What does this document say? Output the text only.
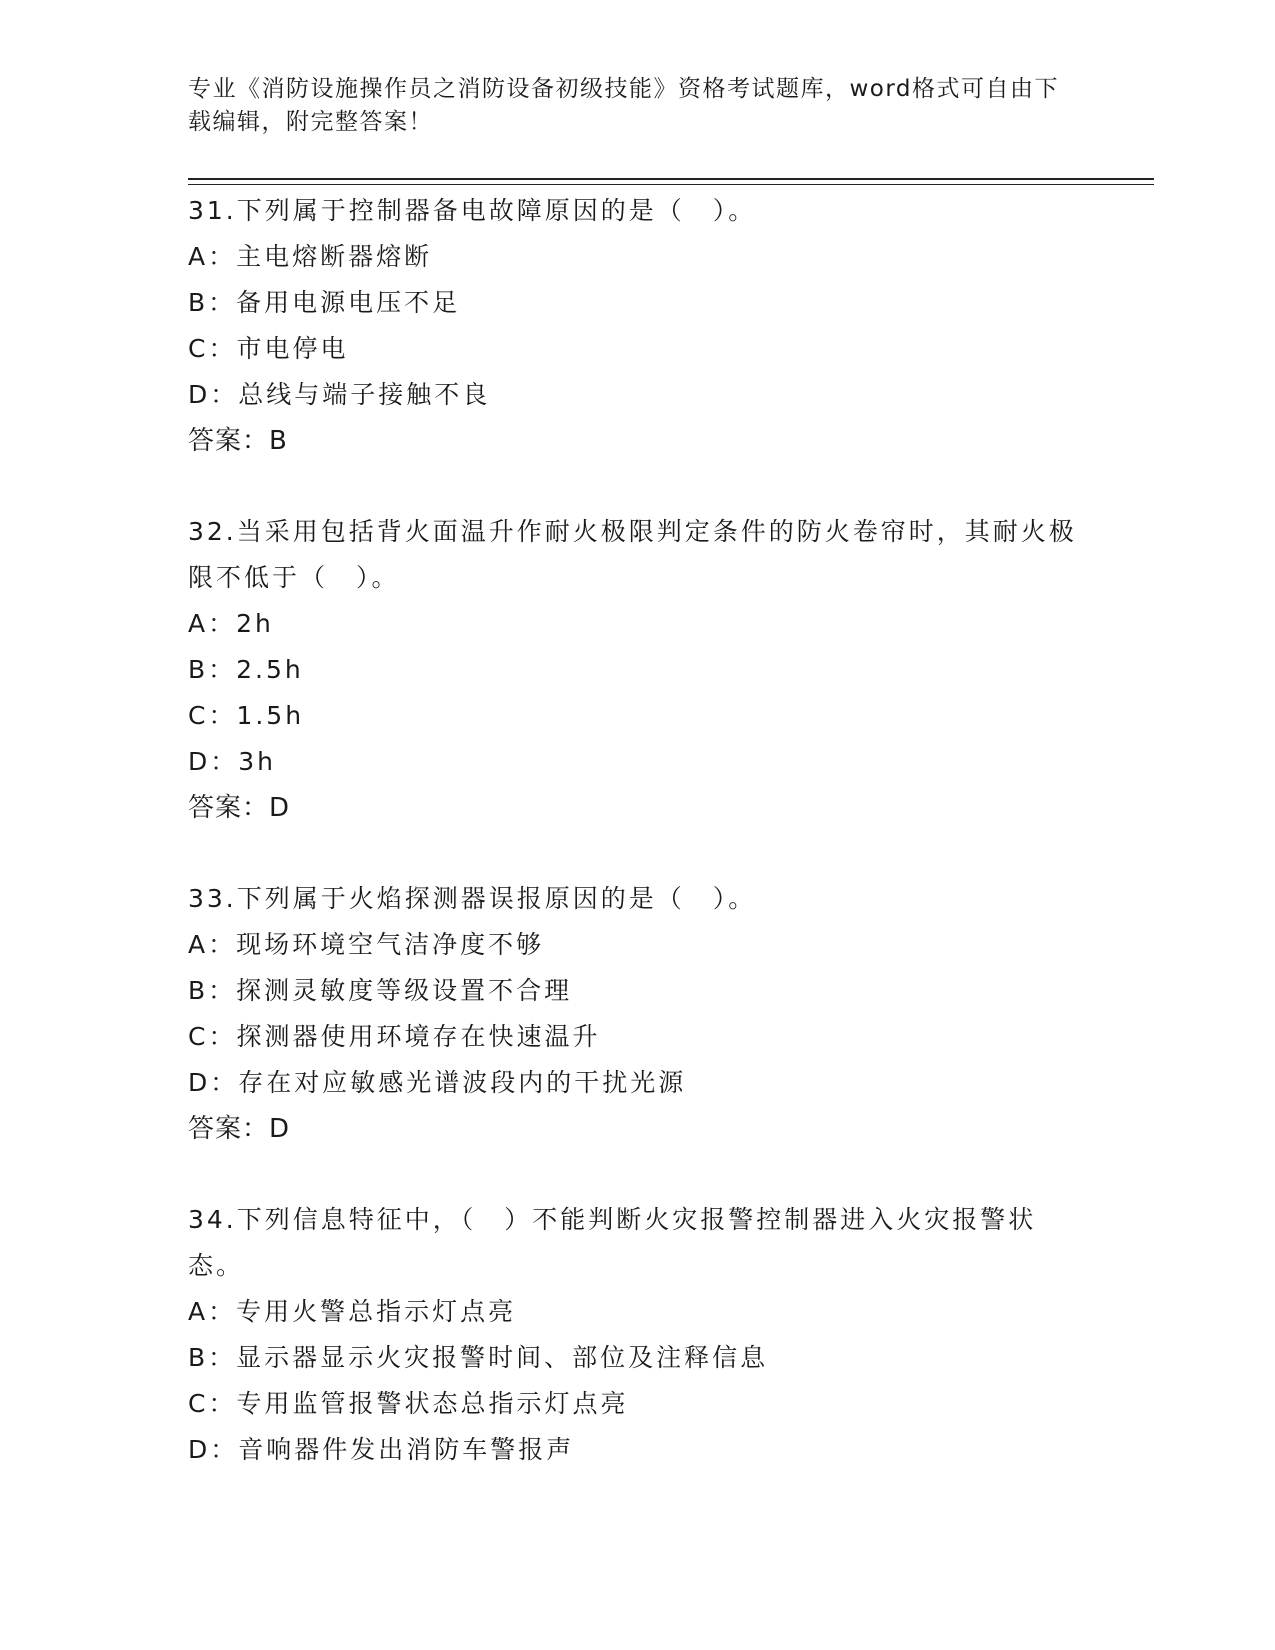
专业《消防设施操作员之消防设备初级技能》资格考试题库，word格式可自由下载编辑，附完整答案！

31.下列属于控制器备电故障原因的是（　）。

A：主电熔断器熔断

B：备用电源电压不足

C：市电停电

D：总线与端子接触不良

答案：B

32.当采用包括背火面温升作耐火极限判定条件的防火卷帘时，其耐火极限不低于（　）。

A：2h

B：2.5h

C：1.5h

D：3h

答案：D

33.下列属于火焰探测器误报原因的是（　）。

A：现场环境空气洁净度不够

B：探测灵敏度等级设置不合理

C：探测器使用环境存在快速温升

D：存在对应敏感光谱波段内的干扰光源

答案：D

34.下列信息特征中，（　）不能判断火灾报警控制器进入火灾报警状态。

A：专用火警总指示灯点亮

B：显示器显示火灾报警时间、部位及注释信息

C：专用监管报警状态总指示灯点亮

D：音响器件发出消防车警报声
